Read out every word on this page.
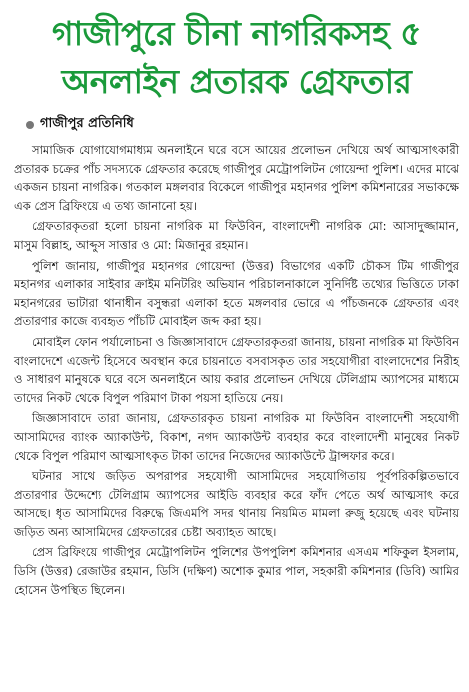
গাজীপুরে চীনা নাগরিকসহ ৫
অনলাইন প্রতারক গ্রেফতার
গাজীপুর প্রতিনিধি

সামাজিক যোগাযোগমাধ্যম অনলাইনে ঘরে বসে আয়ের প্রলোভন দেখিয়ে অর্থ আত্মসাৎকারী প্রতারক চক্রের পাঁচ সদস্যকে গ্রেফতার করেছে গাজীপুর মেট্রোপলিটন গোয়েন্দা পুলিশ। এদের মাঝে একজন চায়না নাগরিক। গতকাল মঙ্গলবার বিকেলে গাজীপুর মহানগর পুলিশ কমিশনারের সভাকক্ষে এক প্রেস ব্রিফিংয়ে এ তথ্য জানানো হয়।

গ্রেফতারকৃতরা হলো চায়না নাগরিক মা ফিউবিন, বাংলাদেশী নাগরিক মো: আসাদুজ্জামান, মাসুম বিল্লাহ, আব্দুস সাত্তার ও মো: মিজানুর রহমান।

পুলিশ জানায়, গাজীপুর মহানগর গোয়েন্দা (উত্তর) বিভাগের একটি চৌকস টিম গাজীপুর মহানগর এলাকার সাইবার ক্রাইম মনিটরিং অভিযান পরিচালনাকালে সুনির্দিষ্ট তথ্যের ভিত্তিতে ঢাকা মহানগরের ভাটারা থানাধীন বসুন্ধরা এলাকা হতে মঙ্গলবার ভোরে এ পাঁচজনকে গ্রেফতার এবং প্রতারণার কাজে ব্যবহৃত পাঁচটি মোবাইল জব্দ করা হয়।

মোবাইল ফোন পর্যালোচনা ও জিজ্ঞাসাবাদে গ্রেফতারকৃতরা জানায়, চায়না নাগরিক মা ফিউবিন বাংলাদেশে এজেন্ট হিসেবে অবস্থান করে চায়নাতে বসবাসকৃত তার সহযোগীরা বাংলাদেশের নিরীহ ও সাধারণ মানুষকে ঘরে বসে অনলাইনে আয় করার প্রলোভন দেখিয়ে টেলিগ্রাম অ্যাপসের মাধ্যমে তাদের নিকট থেকে বিপুল পরিমাণ টাকা পয়সা হাতিয়ে নেয়।

জিজ্ঞাসাবাদে তারা জানায়, গ্রেফতারকৃত চায়না নাগরিক মা ফিউবিন বাংলাদেশী সহযোগী আসামিদের ব্যাংক অ্যাকাউন্ট, বিকাশ, নগদ অ্যাকাউন্ট ব্যবহার করে বাংলাদেশী মানুষের নিকট থেকে বিপুল পরিমাণ আত্মসাৎকৃত টাকা তাদের নিজেদের অ্যাকাউন্টে ট্রান্সফার করে।

ঘটনার সাথে জড়িত অপরাপর সহযোগী আসামিদের সহযোগিতায় পূর্বপরিকল্পিতভাবে প্রতারণার উদ্দেশ্যে টেলিগ্রাম অ্যাপসের আইডি ব্যবহার করে ফাঁদ পেতে অর্থ আত্মসাৎ করে আসছে। ধৃত আসামিদের বিরুদ্ধে জিএমপি সদর থানায় নিয়মিত মামলা রুজু হয়েছে এবং ঘটনায় জড়িত অন্য আসামিদের গ্রেফতারের চেষ্টা অব্যাহত আছে।

প্রেস ব্রিফিংয়ে গাজীপুর মেট্রোপলিটন পুলিশের উপপুলিশ কমিশনার এসএম শফিকুল ইসলাম, ডিসি (উত্তর) রেজাউর রহমান, ডিসি (দক্ষিণ) অশোক কুমার পাল, সহকারী কমিশনার (ডিবি) আমির হোসেন উপস্থিত ছিলেন।
